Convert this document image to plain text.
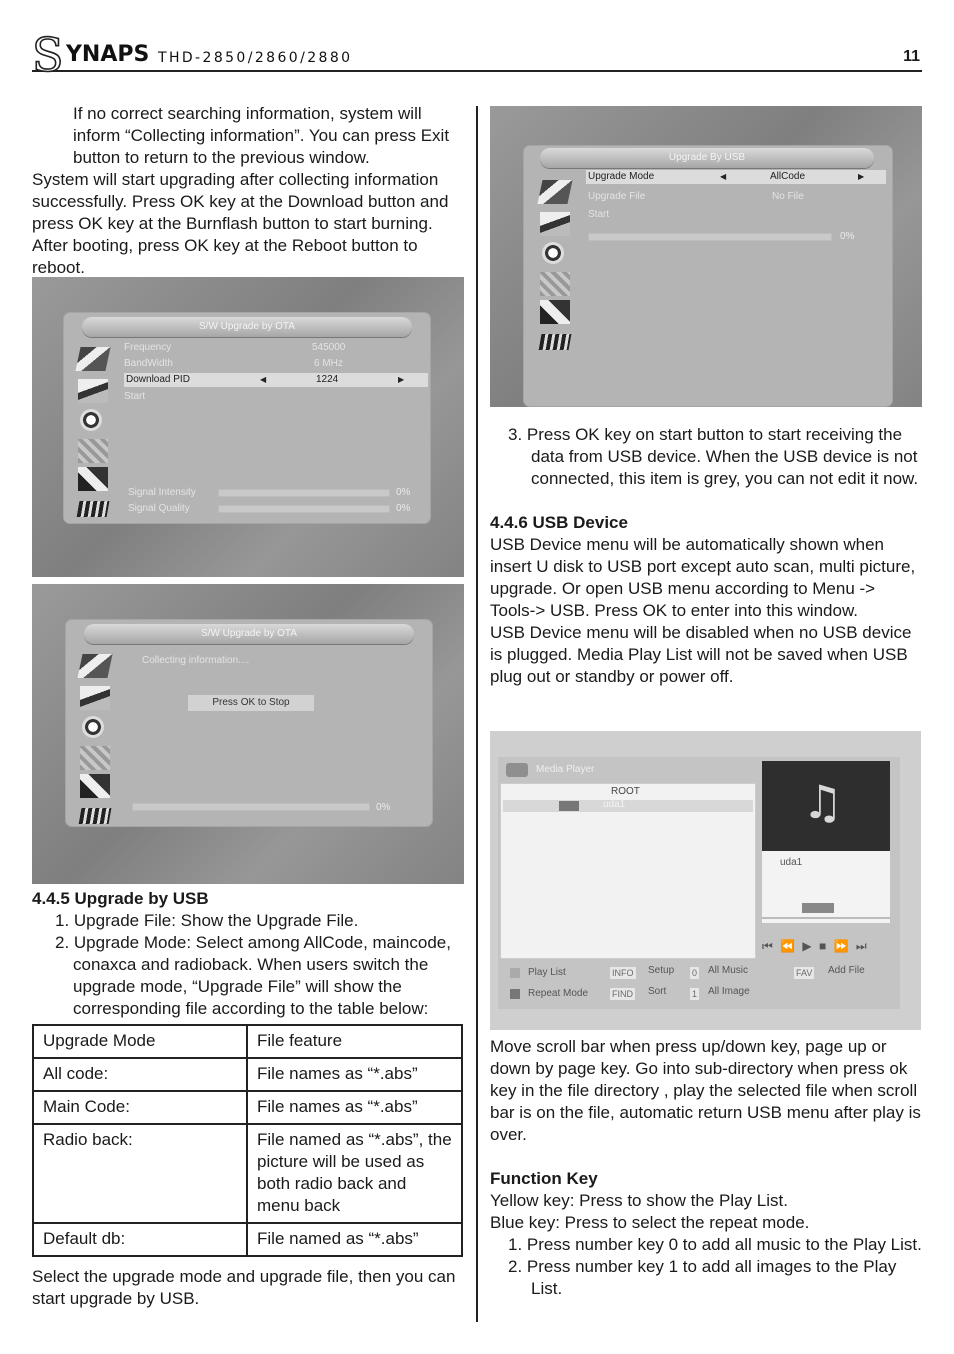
S YNAPS THD-2850/2860/2880	11
If no correct searching information, system will inform “Collecting information”. You can press Exit button to return to the previous window.
System will start upgrading after collecting information successfully. Press OK key at the Download button and press OK key at the Burnflash button to start burning. After booting, press OK key at the Reboot button to reboot.
S/W Upgrade by OTA
Frequency	545000
BandWidth	6 MHz
Download PID	◀	1224	▶
Start
Signal Intensity	0%
Signal Quality	0%
S/W Upgrade by OTA
Collecting information....
Press OK to Stop
0%
4.4.5 Upgrade by USB
1. Upgrade File: Show the Upgrade File.
2. Upgrade Mode: Select among AllCode, maincode, conaxca and radioback. When users switch the upgrade mode, “Upgrade File” will show the corresponding file according to the table below:
Upgrade Mode	File feature
All code:	File names as “*.abs”
Main Code:	File names as “*.abs”
Radio back:	File named as “*.abs”, the picture will be used as both radio back and menu back
Default db:	File named as “*.abs”
Select the upgrade mode and upgrade file, then you can start upgrade by USB.
Upgrade By USB
Upgrade Mode	◀	AllCode	▶
Upgrade File	No File
Start
0%
3. Press OK key on start button to start receiving the data from USB device. When the USB device is not connected, this item is grey, you can not edit it now.
4.4.6 USB Device
USB Device menu will be automatically shown when insert U disk to USB port except auto scan, multi picture, upgrade. Or open USB menu according to Menu -> Tools-> USB. Press OK to enter into this window.
USB Device menu will be disabled when no USB device is plugged. Media Play List will not be saved when USB plug out or standby or power off.
Media Player
ROOT
uda1	♫
uda1
⏮ ⏪ ▶ ■ ⏩ ⏭
Play List
Repeat Mode
INFO Setup
FIND Sort
0 All Music
1 All Image
FAV Add File
Move scroll bar when press up/down key, page up or down by page key. Go into sub-directory when press ok key in the file directory , play the selected file when scroll bar is on the file, automatic return USB menu after play is over.
Function Key
Yellow key: Press to show the Play List.
Blue key: Press to select the repeat mode.
1. Press number key 0 to add all music to the Play List.
2. Press number key 1 to add all images to the Play List.
